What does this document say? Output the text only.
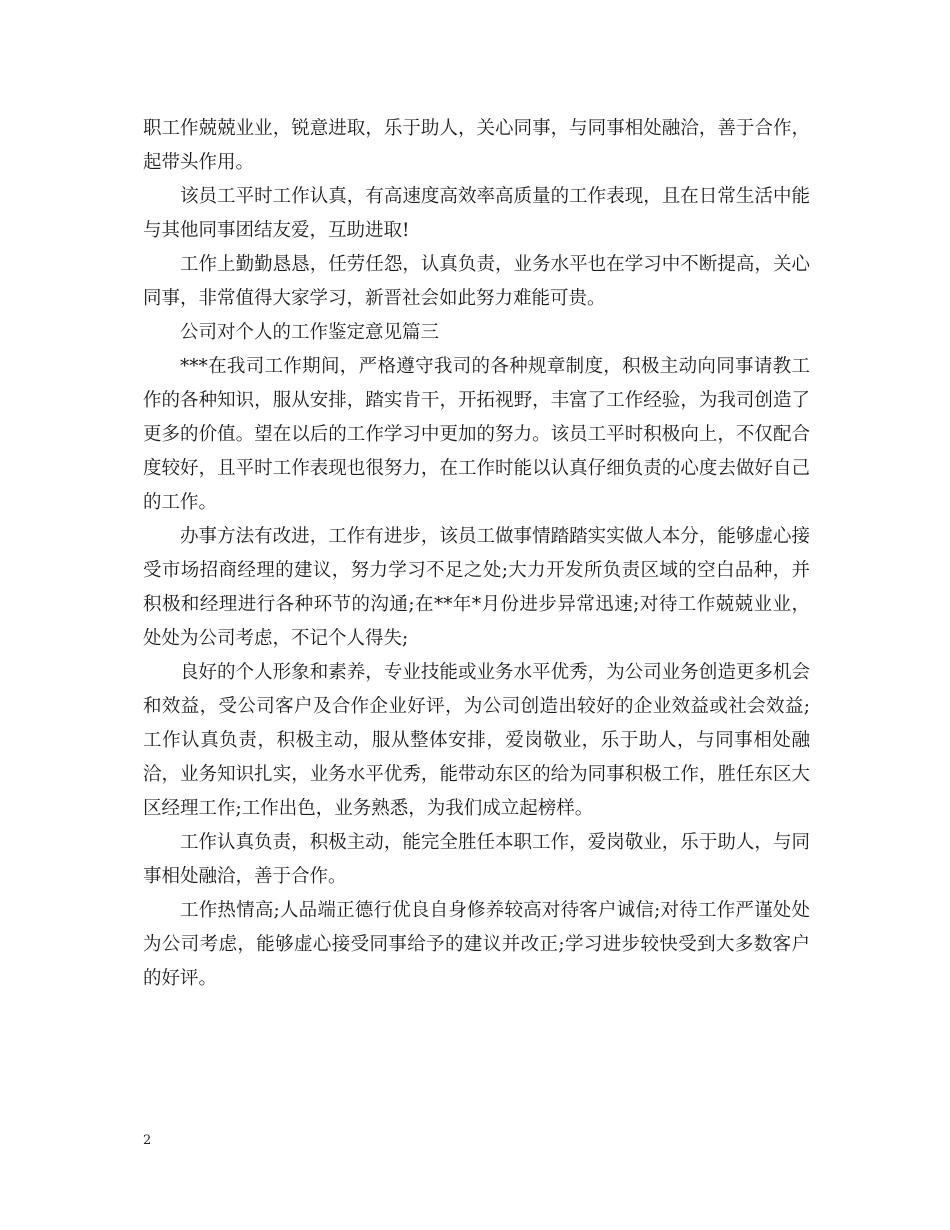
职工作兢兢业业，锐意进取，乐于助人，关心同事，与同事相处融洽，善于合作，起带头作用。

该员工平时工作认真，有高速度高效率高质量的工作表现，且在日常生活中能与其他同事团结友爱，互助进取!

工作上勤勤恳恳，任劳任怨，认真负责，业务水平也在学习中不断提高，关心同事，非常值得大家学习，新晋社会如此努力难能可贵。

公司对个人的工作鉴定意见篇三

***在我司工作期间，严格遵守我司的各种规章制度，积极主动向同事请教工作的各种知识，服从安排，踏实肯干，开拓视野，丰富了工作经验，为我司创造了更多的价值。望在以后的工作学习中更加的努力。该员工平时积极向上，不仅配合度较好，且平时工作表现也很努力，在工作时能以认真仔细负责的心度去做好自己的工作。

办事方法有改进，工作有进步，该员工做事情踏踏实实做人本分，能够虚心接受市场招商经理的建议，努力学习不足之处;大力开发所负责区域的空白品种，并积极和经理进行各种环节的沟通;在**年*月份进步异常迅速;对待工作兢兢业业，处处为公司考虑，不记个人得失;

良好的个人形象和素养，专业技能或业务水平优秀，为公司业务创造更多机会和效益，受公司客户及合作企业好评，为公司创造出较好的企业效益或社会效益;工作认真负责，积极主动，服从整体安排，爱岗敬业，乐于助人，与同事相处融洽，业务知识扎实，业务水平优秀，能带动东区的给为同事积极工作，胜任东区大区经理工作;工作出色，业务熟悉，为我们成立起榜样。

工作认真负责，积极主动，能完全胜任本职工作，爱岗敬业，乐于助人，与同事相处融洽，善于合作。

工作热情高;人品端正德行优良自身修养较高对待客户诚信;对待工作严谨处处为公司考虑，能够虚心接受同事给予的建议并改正;学习进步较快受到大多数客户的好评。

2
